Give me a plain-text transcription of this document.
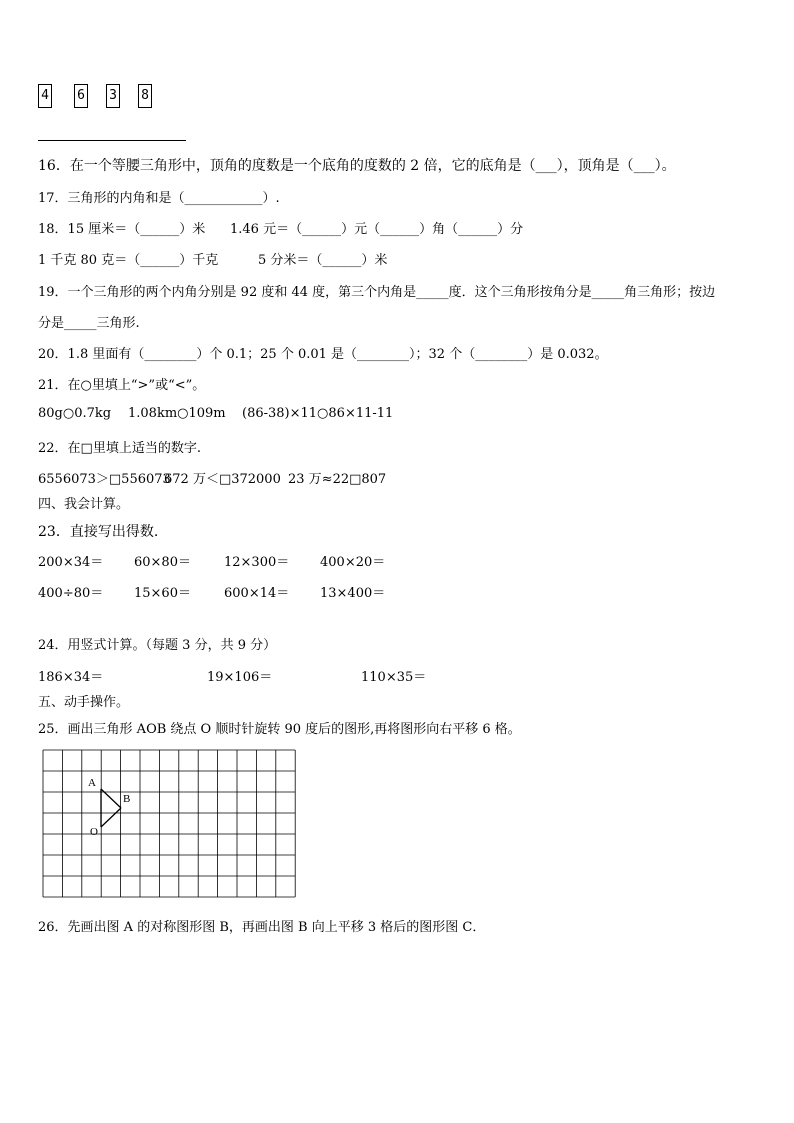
4 6 3 8
16．在一个等腰三角形中，顶角的度数是一个底角的度数的 2 倍，它的底角是（___），顶角是（___）。
17．三角形的内角和是（____________）.
18．15 厘米＝（______）米 1.46 元＝（______）元（______）角（______）分
1 千克 80 克＝（______）千克	5 分米＝（______）米
19．一个三角形的两个内角分别是 92 度和 44 度，第三个内角是_____度．这个三角形按角分是_____角三角形；按边
分是_____三角形.
20．1.8 里面有（________）个 0.1；25 个 0.01 是（________）；32 个（________）是 0.032。
21．在○里填上“>”或“<”。
80g○0.7kg 1.08km○109m (86-38)×11○86×11-11
22．在□里填上适当的数字.
6556073＞□556073
672 万＜□372000 23 万≈22□807
四、我会计算。
23．直接写出得数.
200×34＝ 60×80＝	12×300＝ 400×20＝
400÷80＝ 15×60＝	600×14＝ 13×400＝
24．用竖式计算。（每题 3 分，共 9 分）
186×34＝	19×106＝	110×35＝
五、动手操作。
25．画出三角形 AOB 绕点 O 顺时针旋转 90 度后的图形,再将图形向右平移 6 格。
A
B
O
26．先画出图 A 的对称图形图 B，再画出图 B 向上平移 3 格后的图形图 C．
